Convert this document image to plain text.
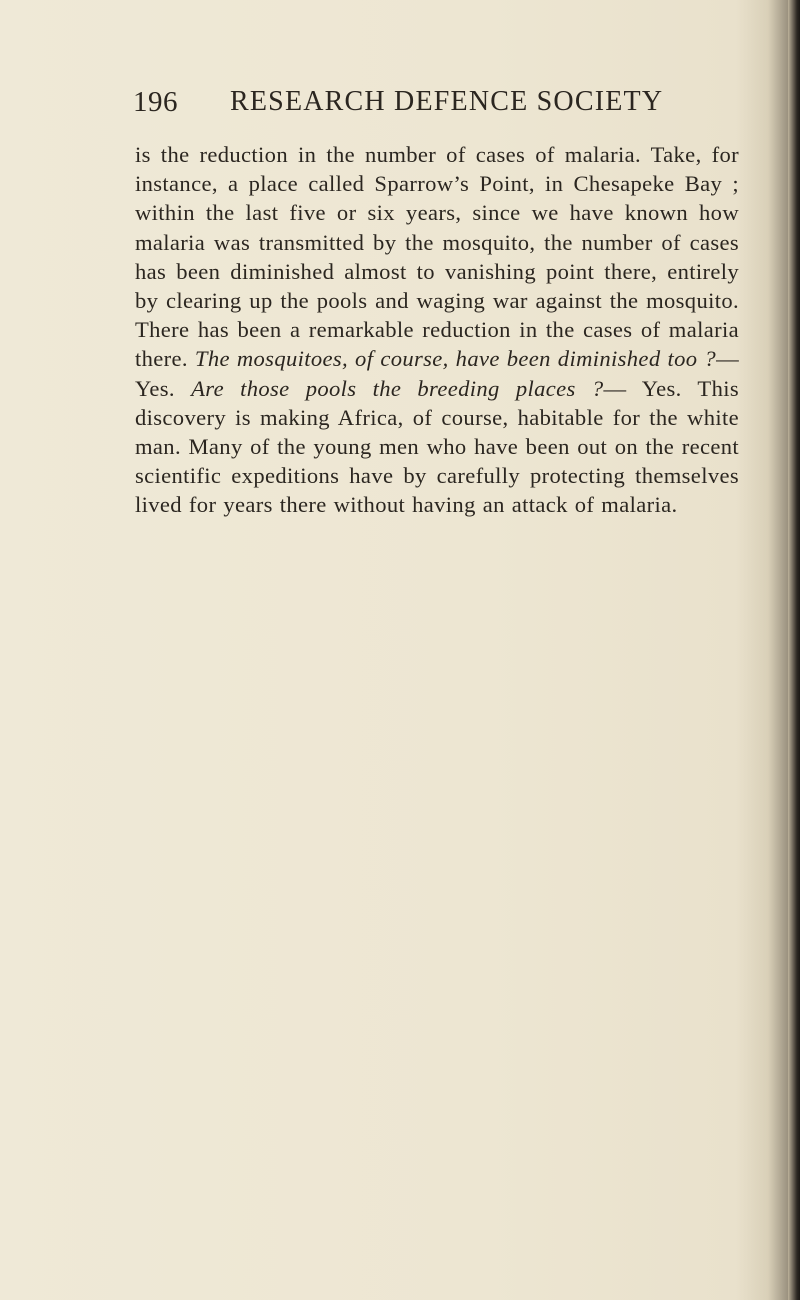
196 RESEARCH DEFENCE SOCIETY

is the reduction in the number of cases of malaria. Take, for instance, a place called Sparrow’s Point, in Chesapeke Bay ; within the last five or six years, since we have known how malaria was transmitted by the mosquito, the number of cases has been diminished almost to vanishing point there, entirely by clearing up the pools and waging war against the mosquito. There has been a remarkable reduction in the cases of malaria there. The mosquitoes, of course, have been diminished too ?—Yes. Are those pools the breeding places ?— Yes. This discovery is making Africa, of course, habitable for the white man. Many of the young men who have been out on the recent scientific expeditions have by carefully protecting themselves lived for years there without having an attack of malaria.
